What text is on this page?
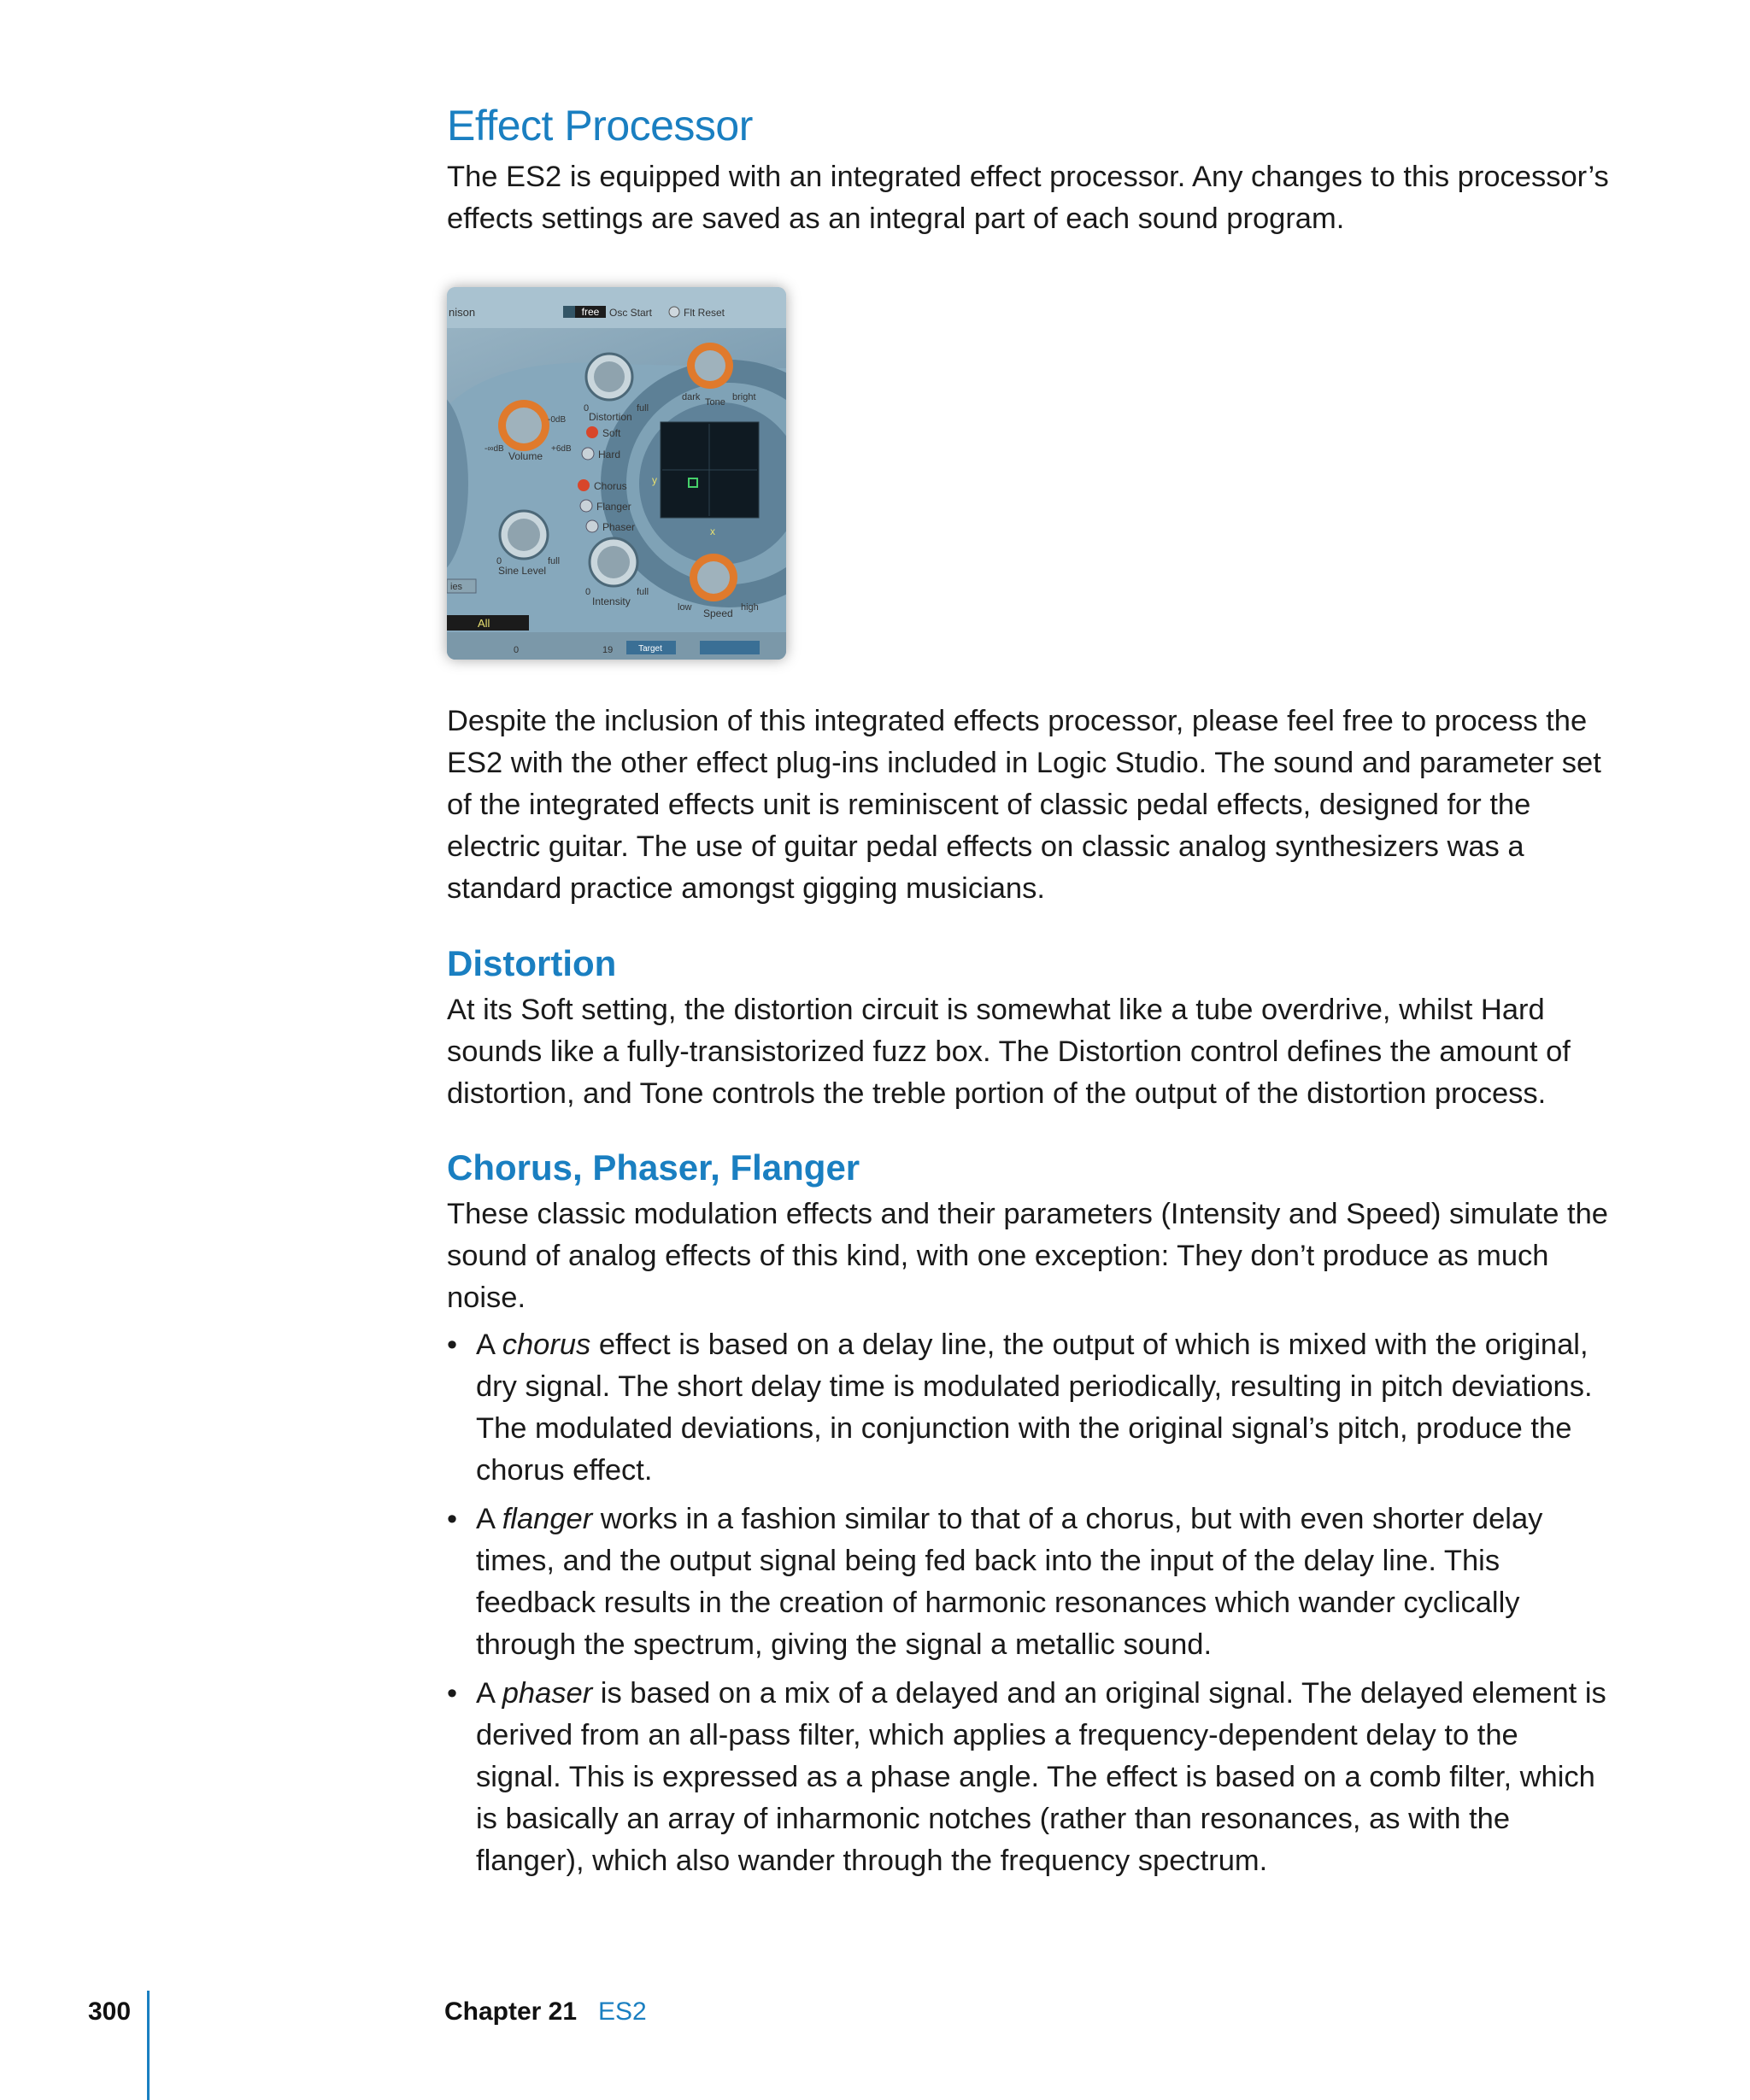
Effect Processor

The ES2 is equipped with an integrated effect processor. Any changes to this processor’s effects settings are saved as an integral part of each sound program.

nison	free Osc Start	Flt Reset
y
x
0	full
Distortion
dark Tone bright
-∞dB
-0dB
+6dB
Volume
Soft
Hard
Chorus
Flanger
Phaser
0	full
Sine Level
0	full
Intensity	low Speed high
ies
All
0	19	Target

Despite the inclusion of this integrated effects processor, please feel free to process the ES2 with the other effect plug-ins included in Logic Studio. The sound and parameter set of the integrated effects unit is reminiscent of classic pedal effects, designed for the electric guitar. The use of guitar pedal effects on classic analog synthesizers was a standard practice amongst gigging musicians.

Distortion

At its Soft setting, the distortion circuit is somewhat like a tube overdrive, whilst Hard sounds like a fully-transistorized fuzz box. The Distortion control defines the amount of distortion, and Tone controls the treble portion of the output of the distortion process.

Chorus, Phaser, Flanger

These classic modulation effects and their parameters (Intensity and Speed) simulate the sound of analog effects of this kind, with one exception: They don’t produce as much noise.

• A chorus effect is based on a delay line, the output of which is mixed with the original, dry signal. The short delay time is modulated periodically, resulting in pitch deviations. The modulated deviations, in conjunction with the original signal’s pitch, produce the chorus effect.
• A flanger works in a fashion similar to that of a chorus, but with even shorter delay times, and the output signal being fed back into the input of the delay line. This feedback results in the creation of harmonic resonances which wander cyclically through the spectrum, giving the signal a metallic sound.
• A phaser is based on a mix of a delayed and an original signal. The delayed element is derived from an all-pass filter, which applies a frequency-dependent delay to the signal. This is expressed as a phase angle. The effect is based on a comb filter, which is basically an array of inharmonic notches (rather than resonances, as with the flanger), which also wander through the frequency spectrum.
300	Chapter 21 ES2
